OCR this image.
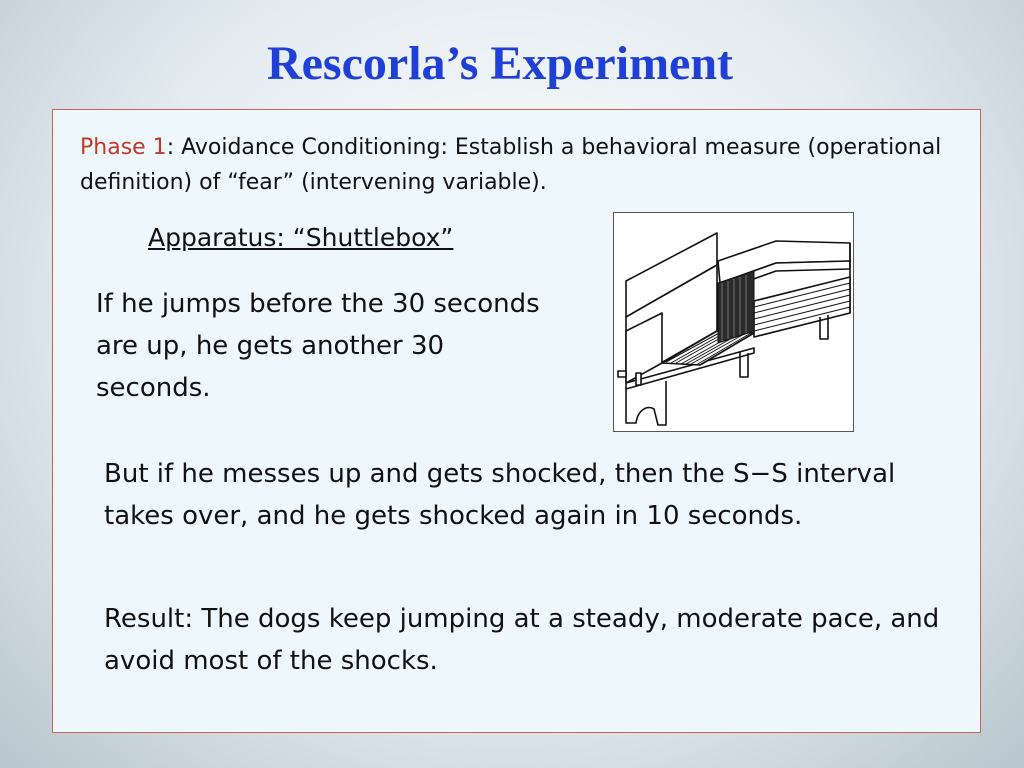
Rescorla’s Experiment
Phase 1: Avoidance Conditioning: Establish a behavioral measure (operational definition) of “fear” (intervening variable).
Apparatus: “Shuttlebox”
If he jumps before the 30 seconds are up, he gets another 30 seconds.
But if he messes up and gets shocked, then the S−S interval takes over, and he gets shocked again in 10 seconds.
Result: The dogs keep jumping at a steady, moderate pace, and avoid most of the shocks.
